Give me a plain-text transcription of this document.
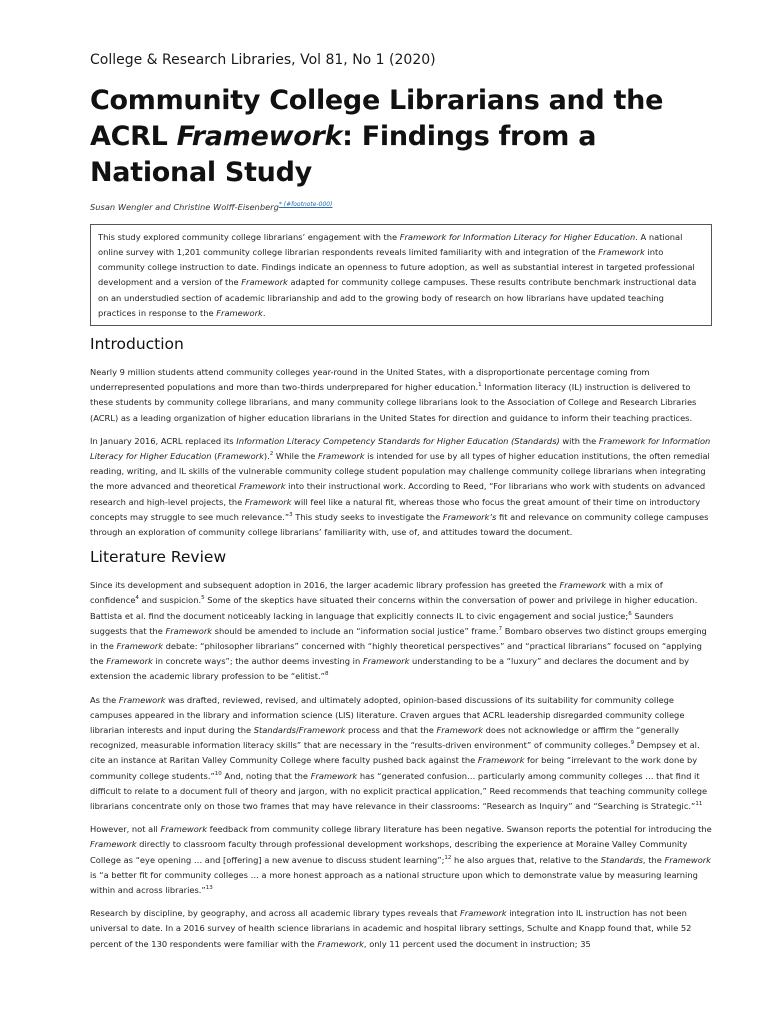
College & Research Libraries, Vol 81, No 1 (2020)
Community College Librarians and the ACRL Framework: Findings from a National Study
Susan Wengler and Christine Wolff-Eisenberg$^{* (\#footnote-000)}$
This study explored community college librarians’ engagement with the Framework for Information Literacy for Higher Education. A national online survey with 1,201 community college librarian respondents reveals limited familiarity with and integration of the Framework into community college instruction to date. Findings indicate an openness to future adoption, as well as substantial interest in targeted professional development and a version of the Framework adapted for community college campuses. These results contribute benchmark instructional data on an understudied section of academic librarianship and add to the growing body of research on how librarians have updated teaching practices in response to the Framework.
Introduction

Nearly 9 million students attend community colleges year-round in the United States, with a disproportionate percentage coming from underrepresented populations and more than two-thirds underprepared for higher education.$^1$ Information literacy (IL) instruction is delivered to these students by community college librarians, and many community college librarians look to the Association of College and Research Libraries (ACRL) as a leading organization of higher education librarians in the United States for direction and guidance to inform their teaching practices.

In January 2016, ACRL replaced its Information Literacy Competency Standards for Higher Education (Standards) with the Framework for Information Literacy for Higher Education (Framework).$^2$ While the Framework is intended for use by all types of higher education institutions, the often remedial reading, writing, and IL skills of the vulnerable community college student population may challenge community college librarians when integrating the more advanced and theoretical Framework into their instructional work. According to Reed, “For librarians who work with students on advanced research and high-level projects, the Framework will feel like a natural fit, whereas those who focus the great amount of their time on introductory concepts may struggle to see much relevance.”$^3$ This study seeks to investigate the Framework’s fit and relevance on community college campuses through an exploration of community college librarians’ familiarity with, use of, and attitudes toward the document.

Literature Review

Since its development and subsequent adoption in 2016, the larger academic library profession has greeted the Framework with a mix of confidence$^4$ and suspicion.$^5$ Some of the skeptics have situated their concerns within the conversation of power and privilege in higher education. Battista et al. find the document noticeably lacking in language that explicitly connects IL to civic engagement and social justice;$^6$ Saunders suggests that the Framework should be amended to include an “information social justice” frame.$^7$ Bombaro observes two distinct groups emerging in the Framework debate: “philosopher librarians” concerned with “highly theoretical perspectives” and “practical librarians” focused on “applying the Framework in concrete ways”; the author deems investing in Framework understanding to be a “luxury” and declares the document and by extension the academic library profession to be “elitist.”$^8$

As the Framework was drafted, reviewed, revised, and ultimately adopted, opinion-based discussions of its suitability for community college campuses appeared in the library and information science (LIS) literature. Craven argues that ACRL leadership disregarded community college librarian interests and input during the Standards/Framework process and that the Framework does not acknowledge or affirm the “generally recognized, measurable information literacy skills” that are necessary in the “results-driven environment” of community colleges.$^9$ Dempsey et al. cite an instance at Raritan Valley Community College where faculty pushed back against the Framework for being “irrelevant to the work done by community college students.”$^{10}$ And, noting that the Framework has “generated confusion… particularly among community colleges … that find it difficult to relate to a document full of theory and jargon, with no explicit practical application,” Reed recommends that teaching community college librarians concentrate only on those two frames that may have relevance in their classrooms: “Research as Inquiry” and “Searching is Strategic.”$^{11}$

However, not all Framework feedback from community college library literature has been negative. Swanson reports the potential for introducing the Framework directly to classroom faculty through professional development workshops, describing the experience at Moraine Valley Community College as “eye opening … and [offering] a new avenue to discuss student learning”;$^{12}$ he also argues that, relative to the Standards, the Framework is “a better fit for community colleges … a more honest approach as a national structure upon which to demonstrate value by measuring learning within and across libraries.”$^{13}$

Research by discipline, by geography, and across all academic library types reveals that Framework integration into IL instruction has not been universal to date. In a 2016 survey of health science librarians in academic and hospital library settings, Schulte and Knapp found that, while 52 percent of the 130 respondents were familiar with the Framework, only 11 percent used the document in instruction; 35
